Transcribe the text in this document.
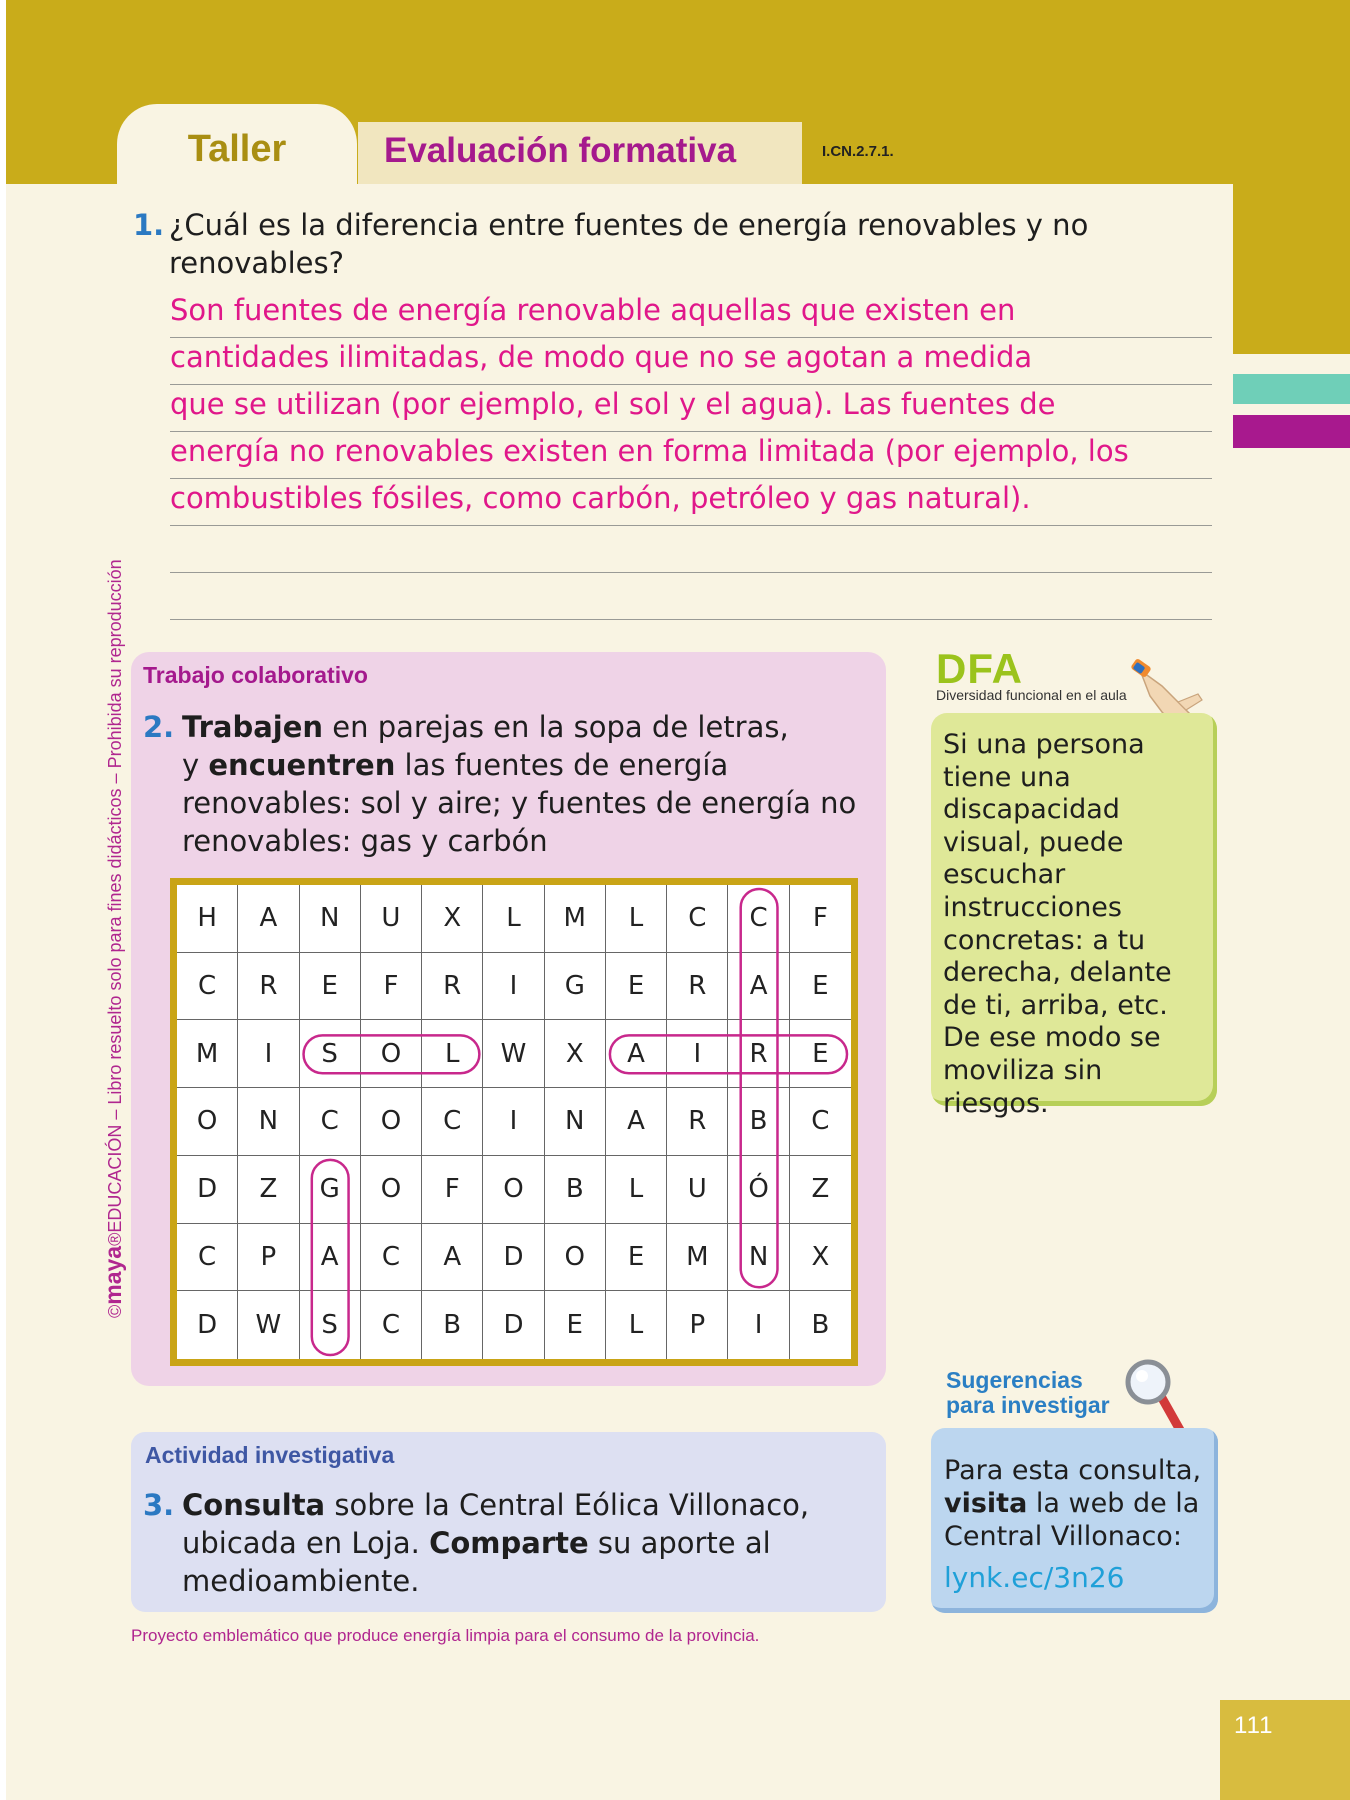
Taller	Evaluación formativa	I.CN.2.7.1.
©maya®EDUCACIÓN – Libro resuelto solo para fines didácticos – Prohibida su reproducción
1. ¿Cuál es la diferencia entre fuentes de energía renovables y no renovables?
Son fuentes de energía renovable aquellas que existen en
cantidades ilimitadas, de modo que no se agotan a medida
que se utilizan (por ejemplo, el sol y el agua). Las fuentes de
energía no renovables existen en forma limitada (por ejemplo, los
combustibles fósiles, como carbón, petróleo y gas natural).
Trabajo colaborativo
2. Trabajen en parejas en la sopa de letras,
y encuentren las fuentes de energía renovables: sol y aire; y fuentes de energía no renovables: gas y carbón
H	A	N	U	X	L	M	L	C	C	F
C	R	E	F	R	I	G	E	R	A	E
M	I	S	O	L	W	X	A	I	R	E
O	N	C	O	C	I	N	A	R	B	C
D	Z	G	O	F	O	B	L	U	Ó	Z
C	P	A	C	A	D	O	E	M	N	X
D	W	S	C	B	D	E	L	P	I	B
DFA
Diversidad funcional en el aula
Si una persona tiene una discapacidad visual, puede escuchar instrucciones concretas: a tu derecha, delante de ti, arriba, etc. De ese modo se moviliza sin riesgos.
Actividad investigativa
3. Consulta sobre la Central Eólica Villonaco, ubicada en Loja. Comparte su aporte al medioambiente.
Proyecto emblemático que produce energía limpia para el consumo de la provincia.
Sugerencias
para investigar
Para esta consulta, visita la web de la Central Villonaco:
lynk.ec/3n26
111
